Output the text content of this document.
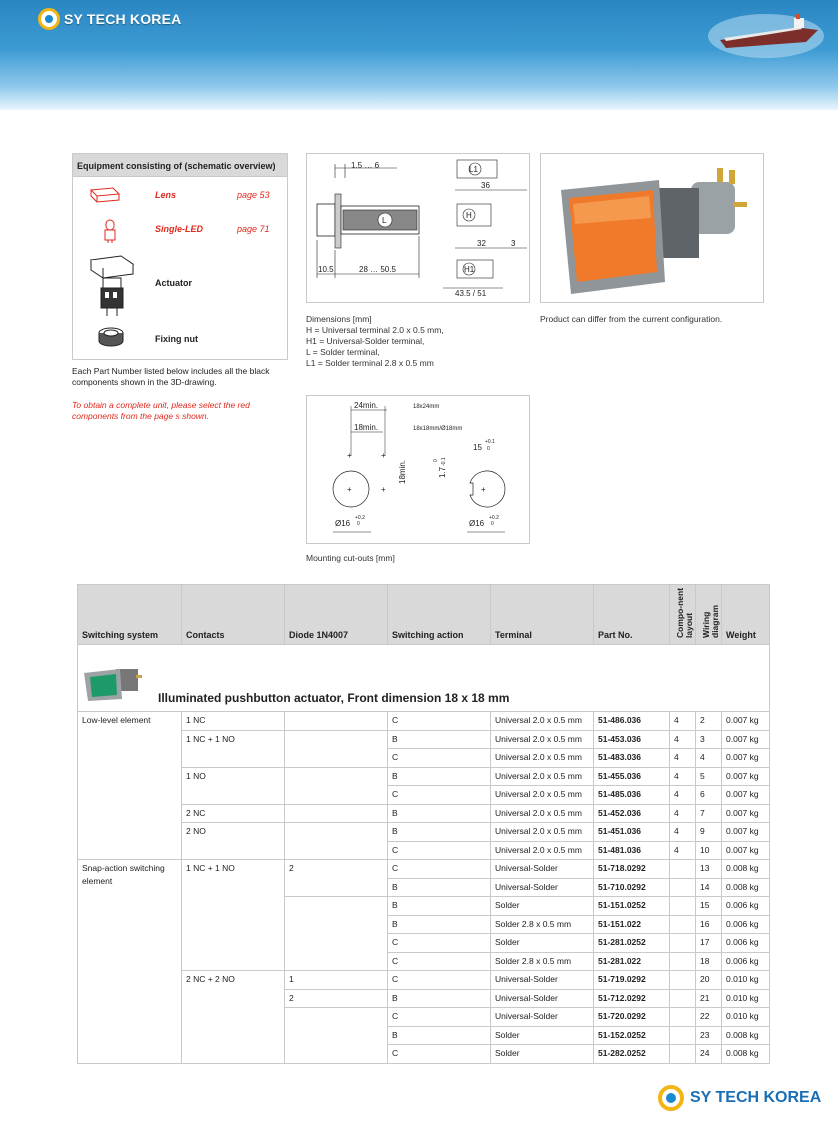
SY TECH KOREA
Equipment consisting of (schematic overview)
Lens	page 53
Single-LED	page 71
Actuator
Fixing nut
Each Part Number listed below includes all the black components shown in the 3D-drawing.
To obtain a complete unit, please select the red components from the page s shown.
1.5 … 6
L
10.5	28 … 50.5
L1
36
H
32	3
H1
43.5 / 51
Dimensions [mm]
H = Universal terminal 2.0 x 0.5 mm,
H1 = Universal-Solder terminal,
L = Solder terminal,
L1 = Solder terminal 2.8 x 0.5 mm
Product can differ from the current configuration.
24min.	18x24mm
18min.	18x18mm/Ø18mm
+	+
+
+
Ø16
+0.2
0
18min.	1.7
0 -0.1
15
+0.1
0
+
Ø16
+0.2
0
Mounting cut-outs [mm]
Switching system	Contacts	Diode 1N4007	Switching action	Terminal	Part No.	Compo-nent layout	Wiring diagram	Weight

Illuminated pushbutton actuator, Front dimension 18 x 18 mm								

Low-level element	1 NC		C	Universal 2.0 x 0.5 mm	51-486.036	4	2	0.007 kg
	1 NC + 1 NO		B	Universal 2.0 x 0.5 mm	51-453.036	4	3	0.007 kg
			C	Universal 2.0 x 0.5 mm	51-483.036	4	4	0.007 kg
	1 NO		B	Universal 2.0 x 0.5 mm	51-455.036	4	5	0.007 kg
			C	Universal 2.0 x 0.5 mm	51-485.036	4	6	0.007 kg
	2 NC		B	Universal 2.0 x 0.5 mm	51-452.036	4	7	0.007 kg
	2 NO		B	Universal 2.0 x 0.5 mm	51-451.036	4	9	0.007 kg
			C	Universal 2.0 x 0.5 mm	51-481.036	4	10	0.007 kg
Snap-action switching element	1 NC + 1 NO	2	C	Universal-Solder	51-718.0292		13	0.008 kg
			B	Universal-Solder	51-710.0292		14	0.008 kg
			B	Solder	51-151.0252		15	0.006 kg
			B	Solder 2.8 x 0.5 mm	51-151.022		16	0.006 kg
			C	Solder	51-281.0252		17	0.006 kg
			C	Solder 2.8 x 0.5 mm	51-281.022		18	0.006 kg
	2 NC + 2 NO	1	C	Universal-Solder	51-719.0292		20	0.010 kg
		2	B	Universal-Solder	51-712.0292		21	0.010 kg
			C	Universal-Solder	51-720.0292		22	0.010 kg
			B	Solder	51-152.0252		23	0.008 kg
			C	Solder	51-282.0252		24	0.008 kg
SY TECH KOREA
